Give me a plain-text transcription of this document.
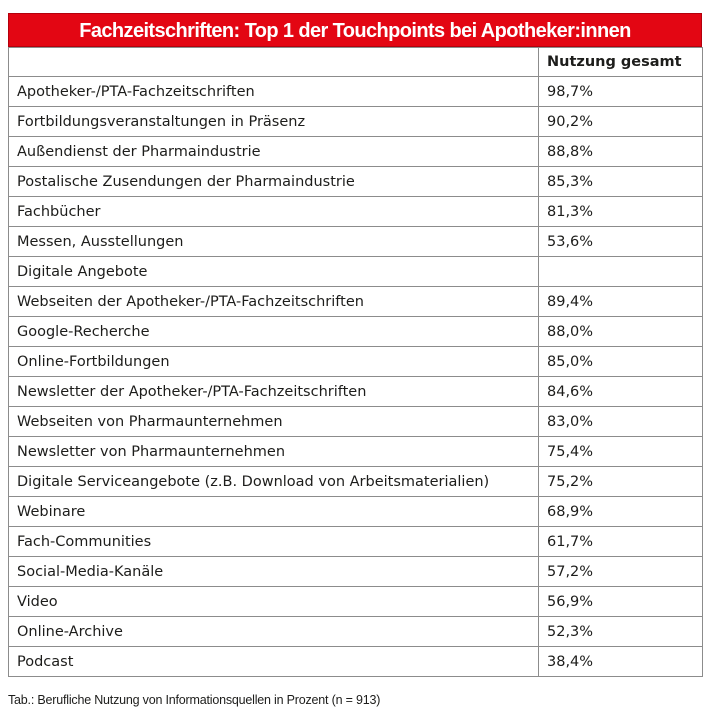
Fachzeitschriften: Top 1 der Touchpoints bei Apotheker:innen
	Nutzung gesamt
Apotheker-/PTA-Fachzeitschriften	98,7%
Fortbildungsveranstaltungen in Präsenz	90,2%
Außendienst der Pharmaindustrie	88,8%
Postalische Zusendungen der Pharmaindustrie	85,3%
Fachbücher	81,3%
Messen, Ausstellungen	53,6%
Digitale Angebote	
Webseiten der Apotheker-/PTA-Fachzeitschriften	89,4%
Google-Recherche	88,0%
Online-Fortbildungen	85,0%
Newsletter der Apotheker-/PTA-Fachzeitschriften	84,6%
Webseiten von Pharmaunternehmen	83,0%
Newsletter von Pharmaunternehmen	75,4%
Digitale Serviceangebote (z.B. Download von Arbeitsmaterialien)	75,2%
Webinare	68,9%
Fach-Communities	61,7%
Social-Media-Kanäle	57,2%
Video	56,9%
Online-Archive	52,3%
Podcast	38,4%
Tab.: Berufliche Nutzung von Informationsquellen in Prozent (n = 913)
